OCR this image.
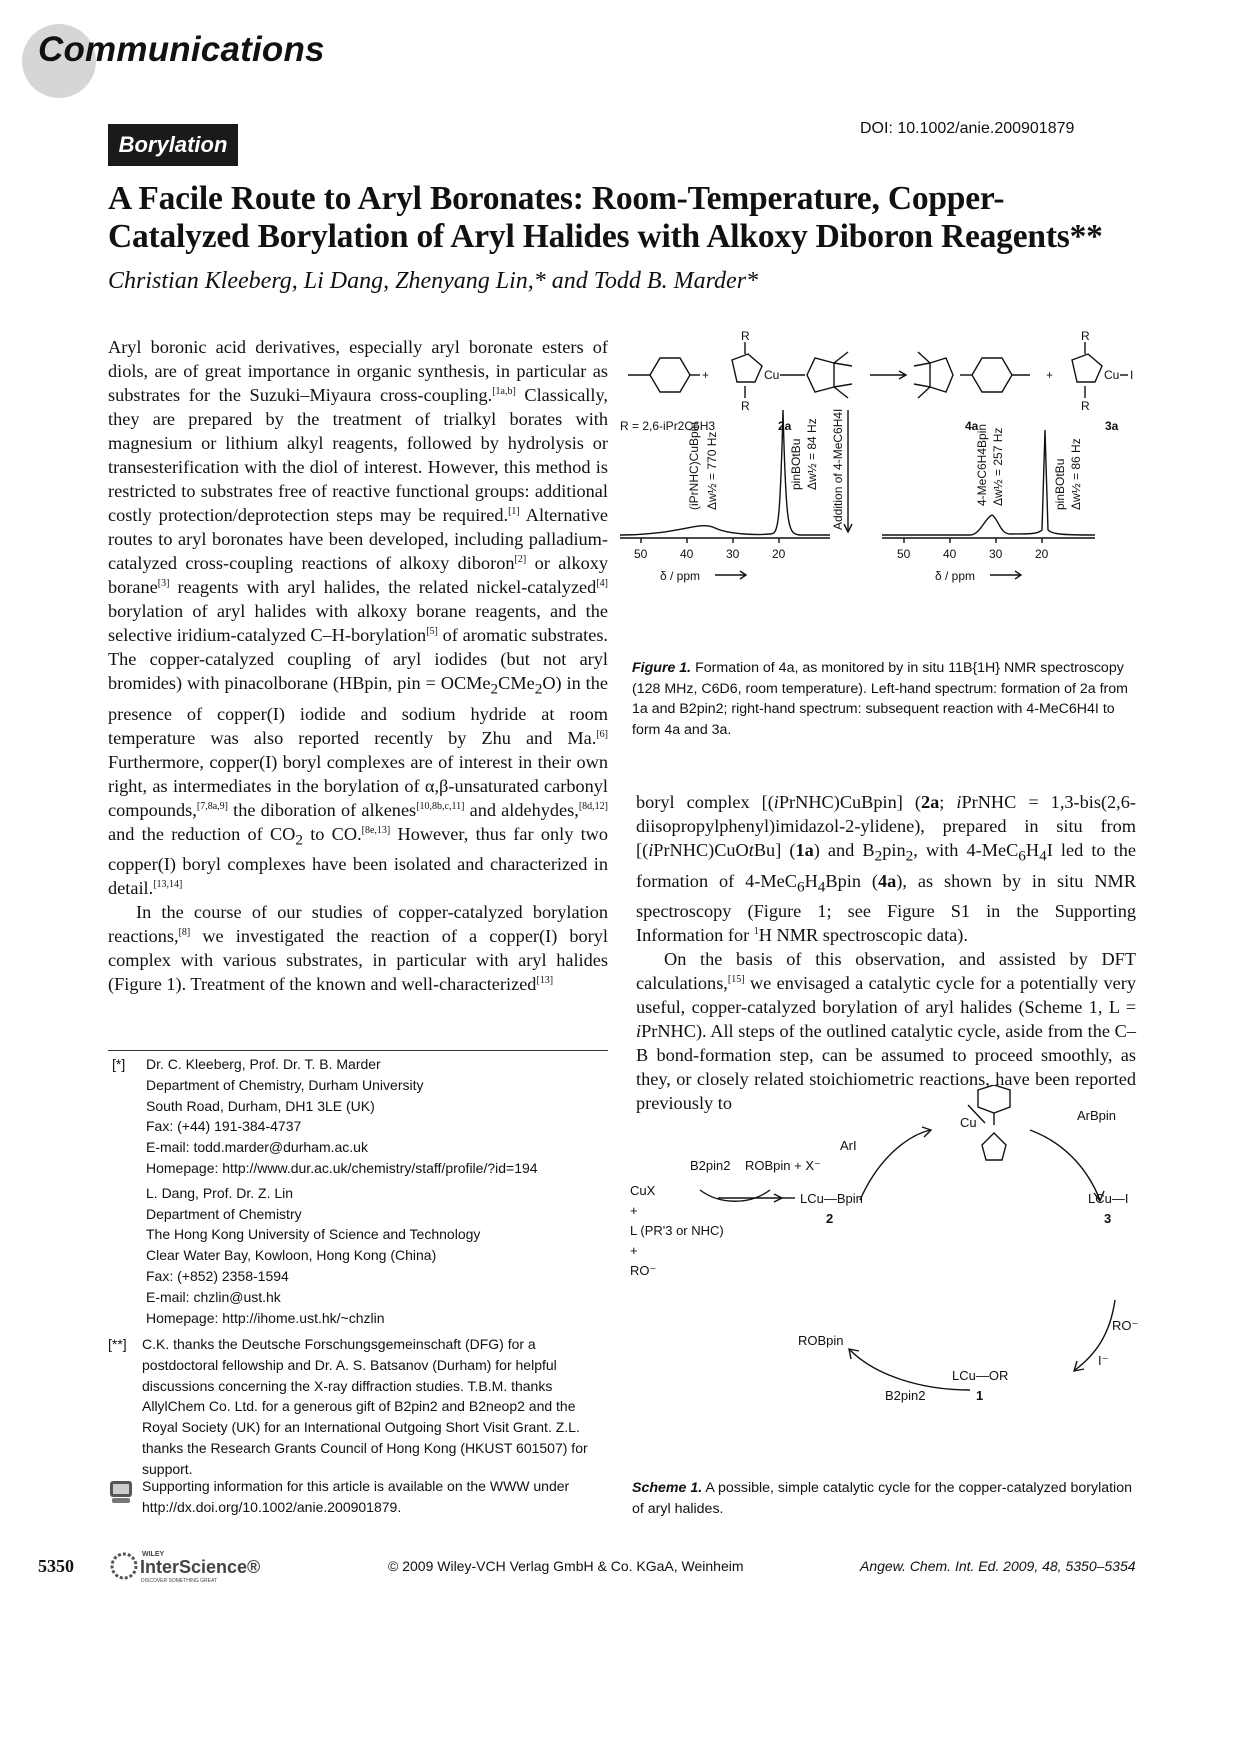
Communications
Borylation
DOI: 10.1002/anie.200901879
A Facile Route to Aryl Boronates: Room-Temperature, Copper-
Catalyzed Borylation of Aryl Halides with Alkoxy Diboron Reagents**
Christian Kleeberg, Li Dang, Zhenyang Lin,* and Todd B. Marder*

Aryl boronic acid derivatives, especially aryl boronate esters of diols, are of great importance in organic synthesis, in particular as substrates for the Suzuki–Miyaura cross-coupling.[1a,b] Classically, they are prepared by the treatment of trialkyl borates with magnesium or lithium alkyl reagents, followed by hydrolysis or transesterification with the diol of interest. However, this method is restricted to substrates free of reactive functional groups: additional costly protection/deprotection steps may be required.[1] Alternative routes to aryl boronates have been developed, including palladium-catalyzed cross-coupling reactions of alkoxy diboron[2] or alkoxy borane[3] reagents with aryl halides, the related nickel-catalyzed[4] borylation of aryl halides with alkoxy borane reagents, and the selective iridium-catalyzed C–H-borylation[5] of aromatic substrates. The copper-catalyzed coupling of aryl iodides (but not aryl bromides) with pinacolborane (HBpin, pin = OCMe$_2$CMe$_2$O) in the presence of copper(I) iodide and sodium hydride at room temperature was also reported recently by Zhu and Ma.[6] Furthermore, copper(I) boryl complexes are of interest in their own right, as intermediates in the borylation of α,β-unsaturated carbonyl compounds,[7,8a,9] the diboration of alkenes[10,8b,c,11] and aldehydes,[8d,12] and the reduction of $CO_2$ to CO.[8e,13] However, thus far only two copper(I) boryl complexes have been isolated and characterized in detail.[13,14]

In the course of our studies of copper-catalyzed borylation reactions,[8] we investigated the reaction of a copper(I) boryl complex with various substrates, in particular with aryl halides (Figure 1). Treatment of the known and well-characterized[13]

boryl complex [(iPrNHC)CuBpin] (2a; iPrNHC = 1,3-bis(2,6-diisopropylphenyl)imidazol-2-ylidene), prepared in situ from [(iPrNHC)CuOtBu] (1a) and $B_2pin_2$, with $4-MeC_6H_4I$ led to the formation of $4-MeC_6H_4Bpin$ (4a), as shown by in situ NMR spectroscopy (Figure 1; see Figure S1 in the Supporting Information for $^1$H NMR spectroscopic data).

On the basis of this observation, and assisted by DFT calculations,[15] we envisaged a catalytic cycle for a potentially very useful, copper-catalyzed borylation of aryl halides (Scheme 1, L = iPrNHC). All steps of the outlined catalytic cycle, aside from the C–B bond-formation step, can be assumed to proceed smoothly, as they, or closely related stoichiometric reactions, have been reported previously to

+
R
R
Cu	+
R
R
Cu I
R = 2,6-iPr2C6H3	2a	4a	3a
(iPrNHC)CuBpin Δw½ = 770 Hz	pinBOtBu Δw½ = 84 Hz Addition of 4-MeC6H4I	4-MeC6H4Bpin Δw½ = 257 Hz	pinBOtBu Δw½ = 86 Hz
50	40	30	20	50	40	30	20
δ / ppm	δ / ppm
Figure 1. Formation of 4a, as monitored by in situ 11B{1H} NMR spectroscopy (128 MHz, C6D6, room temperature). Left-hand spectrum: formation of 2a from 1a and B2pin2; right-hand spectrum: subsequent reaction with 4-MeC6H4I to form 4a and 3a.
ArI
ArBpin
Cu
B2pin2 ROBpin + X⁻
CuX
+
L (PR'3 or NHC)
+
RO⁻
LCu—Bpin
2
LCu—I
3
RO⁻
I⁻
ROBpin
LCu—OR
1
B2pin2
Scheme 1. A possible, simple catalytic cycle for the copper-catalyzed borylation of aryl halides.
[*] Dr. C. Kleeberg, Prof. Dr. T. B. Marder
Department of Chemistry, Durham University
South Road, Durham, DH1 3LE (UK)
Fax: (+44) 191-384-4737
E-mail: todd.marder@durham.ac.uk
Homepage: http://www.dur.ac.uk/chemistry/staff/profile/?id=194
L. Dang, Prof. Dr. Z. Lin
Department of Chemistry
The Hong Kong University of Science and Technology
Clear Water Bay, Kowloon, Hong Kong (China)
Fax: (+852) 2358-1594
E-mail: chzlin@ust.hk
Homepage: http://ihome.ust.hk/~chzlin
[**] C.K. thanks the Deutsche Forschungsgemeinschaft (DFG) for a postdoctoral fellowship and Dr. A. S. Batsanov (Durham) for helpful discussions concerning the X-ray diffraction studies. T.B.M. thanks AllylChem Co. Ltd. for a generous gift of B2pin2 and B2neop2 and the Royal Society (UK) for an International Outgoing Short Visit Grant. Z.L. thanks the Research Grants Council of Hong Kong (HKUST 601507) for support.
Supporting information for this article is available on the WWW under http://dx.doi.org/10.1002/anie.200901879.
5350
WILEY
InterScience®
DISCOVER SOMETHING GREAT
© 2009 Wiley-VCH Verlag GmbH & Co. KGaA, Weinheim	Angew. Chem. Int. Ed. 2009, 48, 5350–5354
